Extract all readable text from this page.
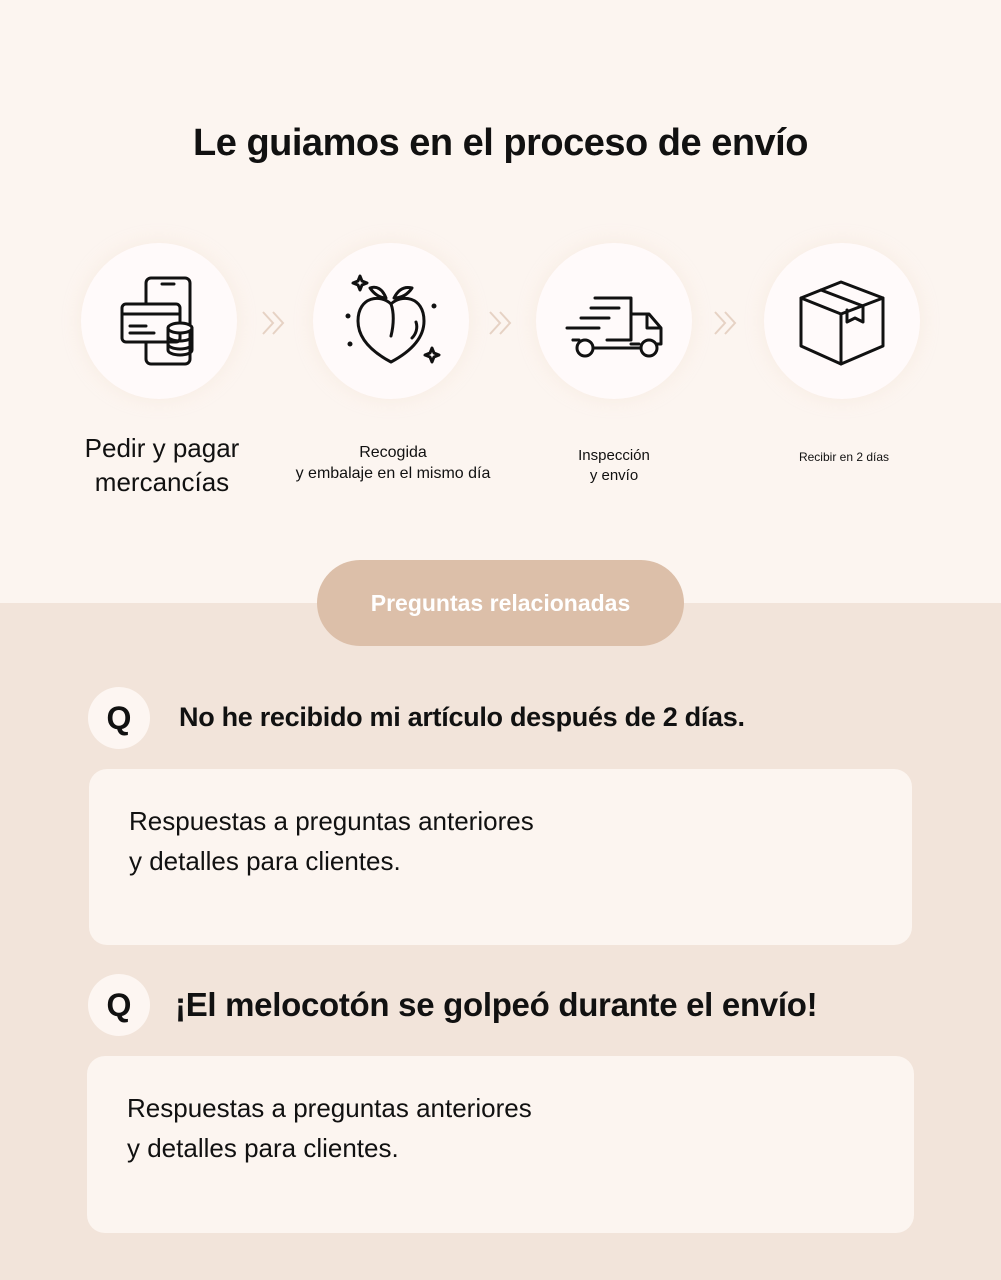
Le guiamos en el proceso de envío
Pedir y pagar
mercancías
Recogida
y embalaje en el mismo día
Inspección
y envío
Recibir en 2 días
Preguntas relacionadas
Q	No he recibido mi artículo después de 2 días.
Respuestas a preguntas anteriores
y detalles para clientes.
Q	¡El melocotón se golpeó durante el envío!
Respuestas a preguntas anteriores
y detalles para clientes.
